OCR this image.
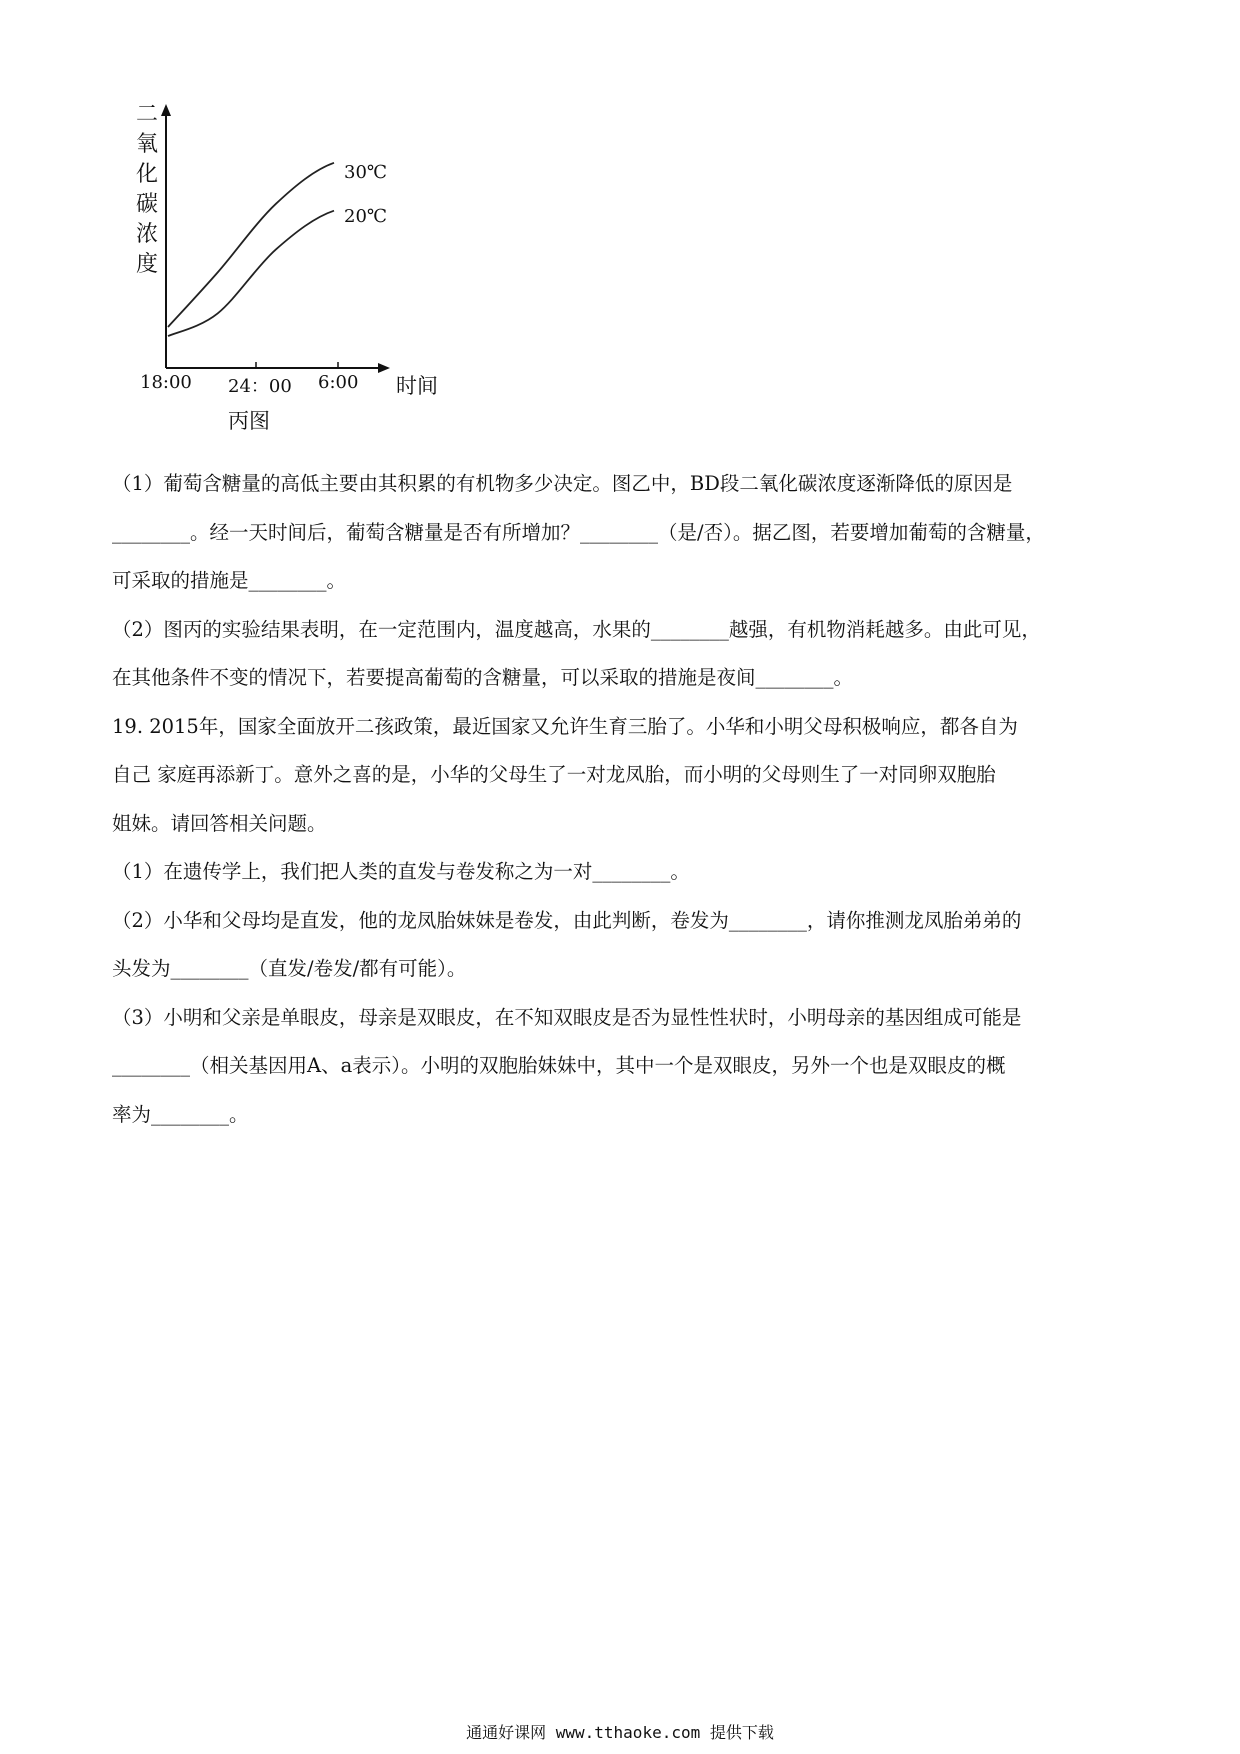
二
氧
化
碳
浓
度
18:00 24：00 6:00 时间
30℃
20℃
丙图

（1）葡萄含糖量的高低主要由其积累的有机物多少决定。图乙中，BD段二氧化碳浓度逐渐降低的原因是

________。经一天时间后，葡萄含糖量是否有所增加？________（是/否）。据乙图，若要增加葡萄的含糖量，

可采取的措施是________。

（2）图丙的实验结果表明，在一定范围内，温度越高，水果的________越强，有机物消耗越多。由此可见，

在其他条件不变的情况下，若要提高葡萄的含糖量，可以采取的措施是夜间________。

19. 2015年，国家全面放开二孩政策，最近国家又允许生育三胎了。小华和小明父母积极响应，都各自为

自己 家庭再添新丁。意外之喜的是，小华的父母生了一对龙凤胎，而小明的父母则生了一对同卵双胞胎

姐妹。请回答相关问题。

（1）在遗传学上，我们把人类的直发与卷发称之为一对________。

（2）小华和父母均是直发，他的龙凤胎妹妹是卷发，由此判断，卷发为________，请你推测龙凤胎弟弟的

头发为________（直发/卷发/都有可能）。

（3）小明和父亲是单眼皮，母亲是双眼皮，在不知双眼皮是否为显性性状时，小明母亲的基因组成可能是

________（相关基因用A、a表示）。小明的双胞胎妹妹中，其中一个是双眼皮，另外一个也是双眼皮的概

率为________。

通通好课网 www.tthaoke.com 提供下载
